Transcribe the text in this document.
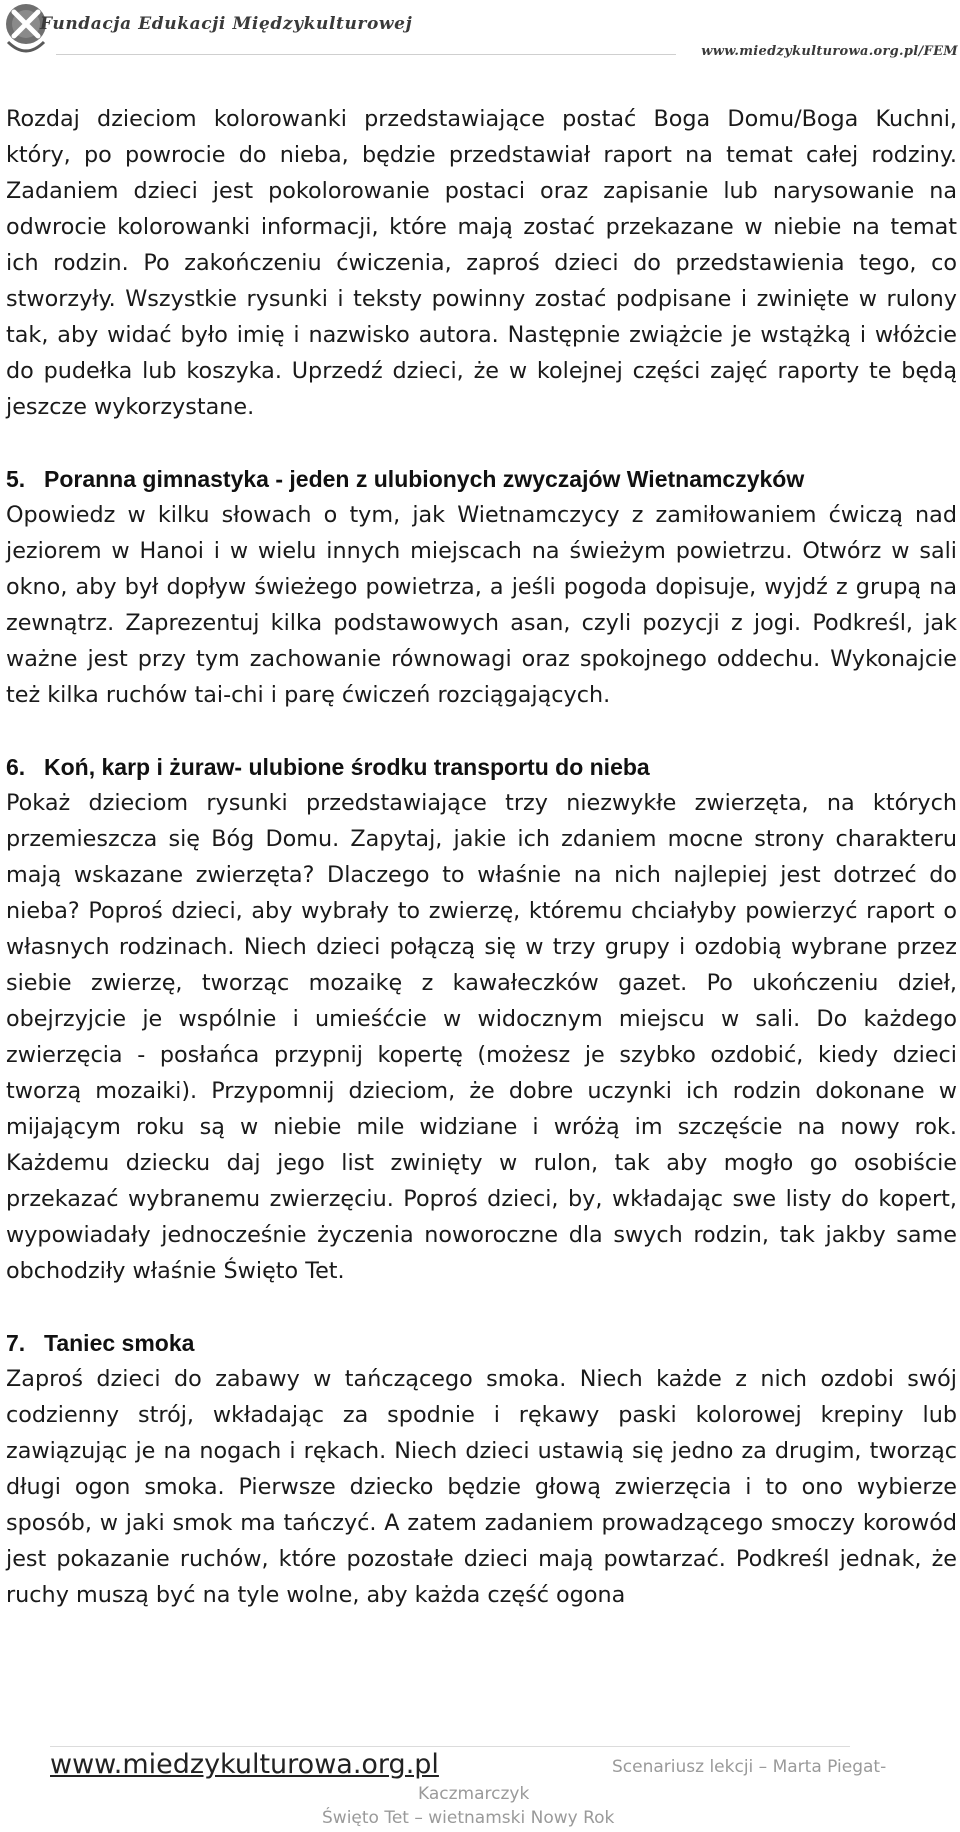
Fundacja Edukacji Międzykulturowej
www.miedzykulturowa.org.pl/FEM

Rozdaj dzieciom kolorowanki przedstawiające postać Boga Domu/Boga Kuchni, który, po powrocie do nieba, będzie przedstawiał raport na temat całej rodziny. Zadaniem dzieci jest pokolorowanie postaci oraz zapisanie lub narysowanie na odwrocie kolorowanki informacji, które mają zostać przekazane w niebie na temat ich rodzin. Po zakończeniu ćwiczenia, zaproś dzieci do przedstawienia tego, co stworzyły. Wszystkie rysunki i teksty powinny zostać podpisane i zwinięte w rulony tak, aby widać było imię i nazwisko autora. Następnie zwiążcie je wstążką i włóżcie do pudełka lub koszyka. Uprzedź dzieci, że w kolejnej części zajęć raporty te będą jeszcze wykorzystane.

5. Poranna gimnastyka - jeden z ulubionych zwyczajów Wietnamczyków

Opowiedz w kilku słowach o tym, jak Wietnamczycy z zamiłowaniem ćwiczą nad jeziorem w Hanoi i w wielu innych miejscach na świeżym powietrzu. Otwórz w sali okno, aby był dopływ świeżego powietrza, a jeśli pogoda dopisuje, wyjdź z grupą na zewnątrz. Zaprezentuj kilka podstawowych asan, czyli pozycji z jogi. Podkreśl, jak ważne jest przy tym zachowanie równowagi oraz spokojnego oddechu. Wykonajcie też kilka ruchów tai-chi i parę ćwiczeń rozciągających.

6. Koń, karp i żuraw- ulubione środku transportu do nieba

Pokaż dzieciom rysunki przedstawiające trzy niezwykłe zwierzęta, na których przemieszcza się Bóg Domu. Zapytaj, jakie ich zdaniem mocne strony charakteru mają wskazane zwierzęta? Dlaczego to właśnie na nich najlepiej jest dotrzeć do nieba? Poproś dzieci, aby wybrały to zwierzę, któremu chciałyby powierzyć raport o własnych rodzinach. Niech dzieci połączą się w trzy grupy i ozdobią wybrane przez siebie zwierzę, tworząc mozaikę z kawałeczków gazet. Po ukończeniu dzieł, obejrzyjcie je wspólnie i umieśćcie w widocznym miejscu w sali. Do każdego zwierzęcia - posłańca przypnij kopertę (możesz je szybko ozdobić, kiedy dzieci tworzą mozaiki). Przypomnij dzieciom, że dobre uczynki ich rodzin dokonane w mijającym roku są w niebie mile widziane i wróżą im szczęście na nowy rok. Każdemu dziecku daj jego list zwinięty w rulon, tak aby mogło go osobiście przekazać wybranemu zwierzęciu. Poproś dzieci, by, wkładając swe listy do kopert, wypowiadały jednocześnie życzenia noworoczne dla swych rodzin, tak jakby same obchodziły właśnie Święto Tet.

7. Taniec smoka

Zaproś dzieci do zabawy w tańczącego smoka. Niech każde z nich ozdobi swój codzienny strój, wkładając za spodnie i rękawy paski kolorowej krepiny lub zawiązując je na nogach i rękach. Niech dzieci ustawią się jedno za drugim, tworząc długi ogon smoka. Pierwsze dziecko będzie głową zwierzęcia i to ono wybierze sposób, w jaki smok ma tańczyć. A zatem zadaniem prowadzącego smoczy korowód jest pokazanie ruchów, które pozostałe dzieci mają powtarzać. Podkreśl jednak, że ruchy muszą być na tyle wolne, aby każda część ogona

www.miedzykulturowa.org.pl	Scenariusz lekcji – Marta Piegat-
Kaczmarczyk
Święto Tet – wietnamski Nowy Rok
